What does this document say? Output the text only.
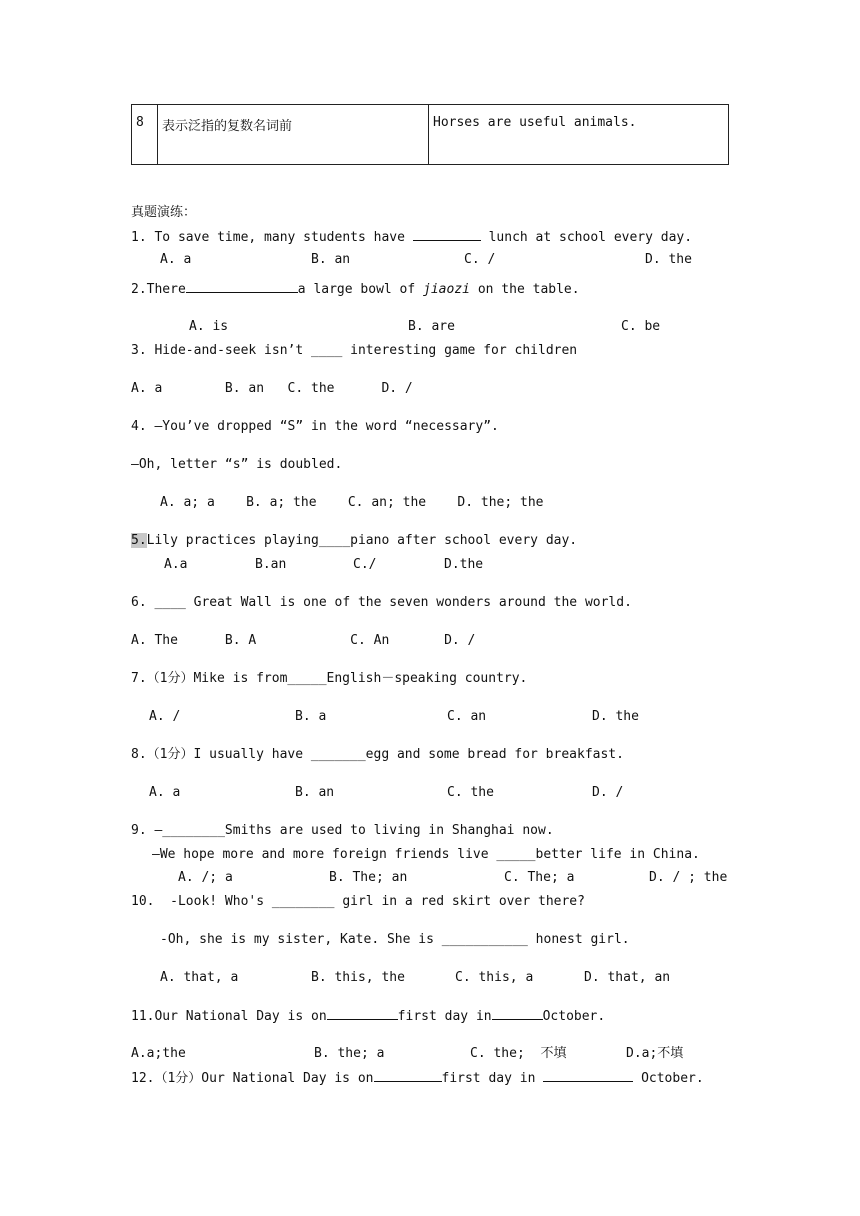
8	表示泛指的复数名词前	Horses are useful animals.
真题演练：
1. To save time, many students have	lunch at school every day.
A. a	B. an	C. /	D. the
2.There	a large bowl of jiaozi on the table.
A. is	B. are	C. be
3. Hide-and-seek isn’t ____ interesting game for children
A. a        B. an   C. the      D. /
4. —You’ve dropped “S” in the word “necessary”.
—Oh, letter “s” is doubled.
A. a; a    B. a; the    C. an; the    D. the; the
5.Lily practices playing____piano after school every day.
A.a	B.an	C./	D.the
6. ____ Great Wall is one of the seven wonders around the world.
A. The      B. A            C. An       D. /
7.（1分）Mike is from_____English－speaking country.
A. /	B. a	C. an	D. the
8.（1分）I usually have _______egg and some bread for breakfast.
A. a	B. an	C. the	D. /
9. —________Smiths are used to living in Shanghai now.
—We hope more and more foreign friends live _____better life in China.
A. /; a	B. The; an	C. The; a	D. / ; the
10.  -Look! Who's ________ girl in a red skirt over there?
-Oh, she is my sister, Kate. She is ___________ honest girl.
A. that, a	B. this, the	C. this, a	D. that, an
11.Our National Day is on	first day in	October.
A.a;the	B. the; a	C. the;  不填	D.a;不填
12.（1分）Our National Day is on	first day in	October.
